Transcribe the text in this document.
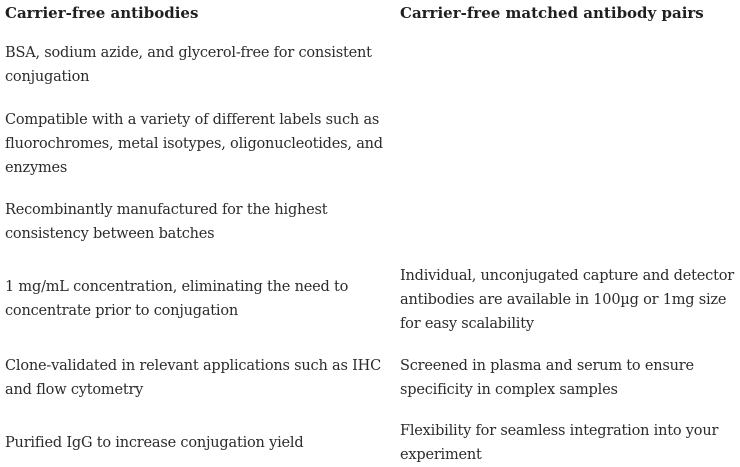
Carrier-free antibodies	Carrier-free matched antibody pairs
BSA, sodium azide, and glycerol-free for consistent conjugation
Compatible with a variety of different labels such as fluorochromes, metal isotypes, oligonucleotides, and enzymes
Recombinantly manufactured for the highest consistency between batches
1 mg/mL concentration, eliminating the need to concentrate prior to conjugation
Individual, unconjugated capture and detector antibodies are available in 100µg or 1mg size for easy scalability
Clone-validated in relevant applications such as IHC and flow cytometry
Screened in plasma and serum to ensure specificity in complex samples
Purified IgG to increase conjugation yield
Flexibility for seamless integration into your experiment
